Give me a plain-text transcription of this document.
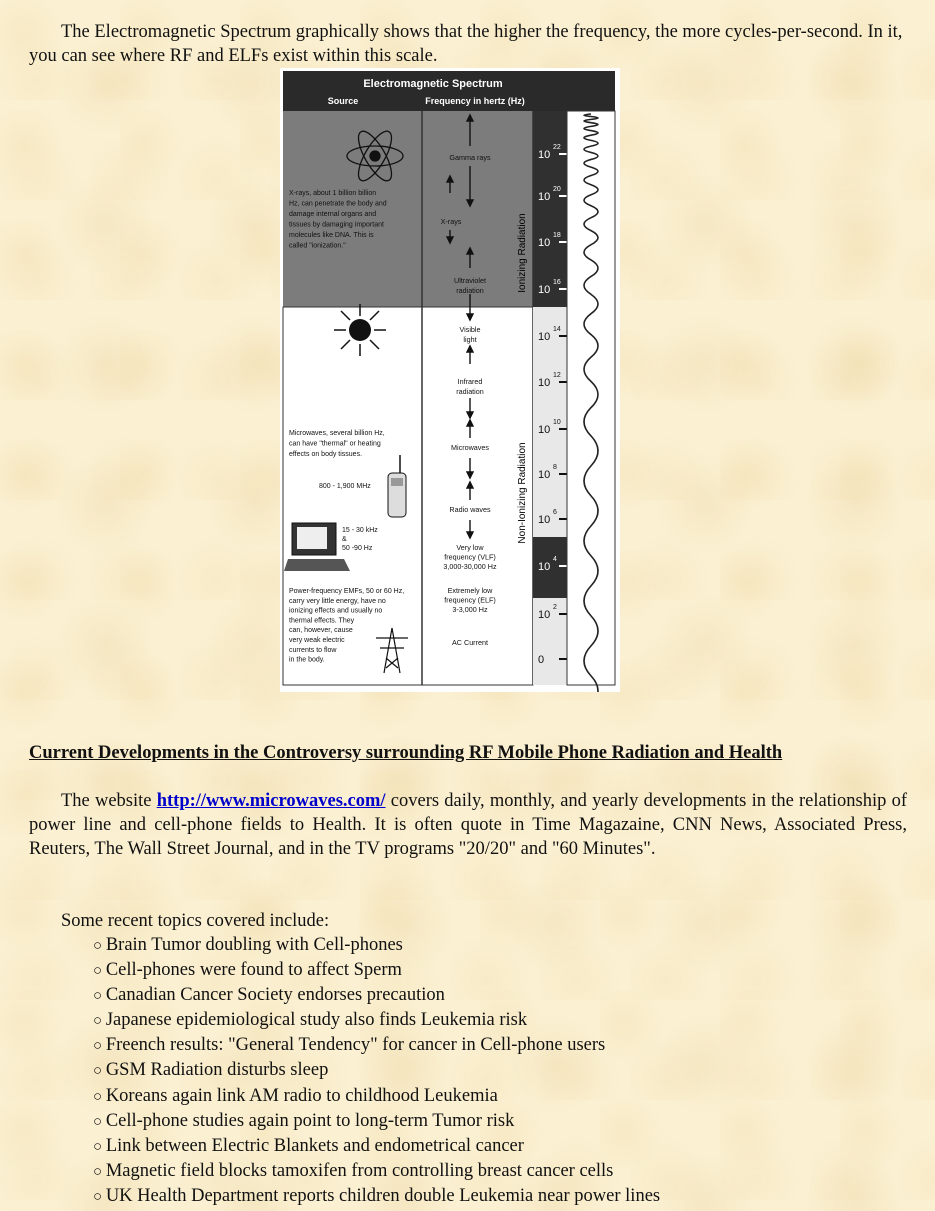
The Electromagnetic Spectrum graphically shows that the higher the frequency, the more cycles-per-second. In it, you can see where RF and ELFs exist within this scale.

Electromagnetic Spectrum
Source	Frequency in hertz (Hz)
10
22
10
20
10
18
10
16
10
14
10
12
10
10
10
8
10
6
10
4
10
2
0
Ionizing Radiation
Non-Ionizing Radiation
X-rays, about 1 billion billion
Hz, can penetrate the body and
damage internal organs and
tissues by damaging important
molecules like DNA. This is
called "ionization."
Microwaves, several billion Hz,
can have "thermal" or heating
effects on body tissues.
800 - 1,900 MHz
15 - 30 kHz
&
50 -90 Hz
Power-frequency EMFs, 50 or 60 Hz,
carry very little energy, have no
ionizing effects and usually no
thermal effects. They
can, however, cause
very weak electric
currents to flow
in the body.
Gamma rays
X-rays
Ultraviolet
radiation
Visible
light
Infrared
radiation
Microwaves
Radio waves
Very low
frequency (VLF)
3,000-30,000 Hz
Extremely low
frequency (ELF)
3-3,000 Hz
AC Current

Current Developments in the Controversy surrounding RF Mobile Phone Radiation and Health

The website http://www.microwaves.com/ covers daily, monthly, and yearly developments in the relationship of power line and cell-phone fields to Health. It is often quote in Time Magazaine, CNN News, Associated Press, Reuters, The Wall Street Journal, and in the TV programs "20/20" and "60 Minutes".

Some recent topics covered include:

○ Brain Tumor doubling with Cell-phones
○ Cell-phones were found to affect Sperm
○ Canadian Cancer Society endorses precaution
○ Japanese epidemiological study also finds Leukemia risk
○ Freench results: "General Tendency" for cancer in Cell-phone users
○ GSM Radiation disturbs sleep
○ Koreans again link AM radio to childhood Leukemia
○ Cell-phone studies again point to long-term Tumor risk
○ Link between Electric Blankets and endometrical cancer
○ Magnetic field blocks tamoxifen from controlling breast cancer cells
○ UK Health Department reports children double Leukemia near power lines
